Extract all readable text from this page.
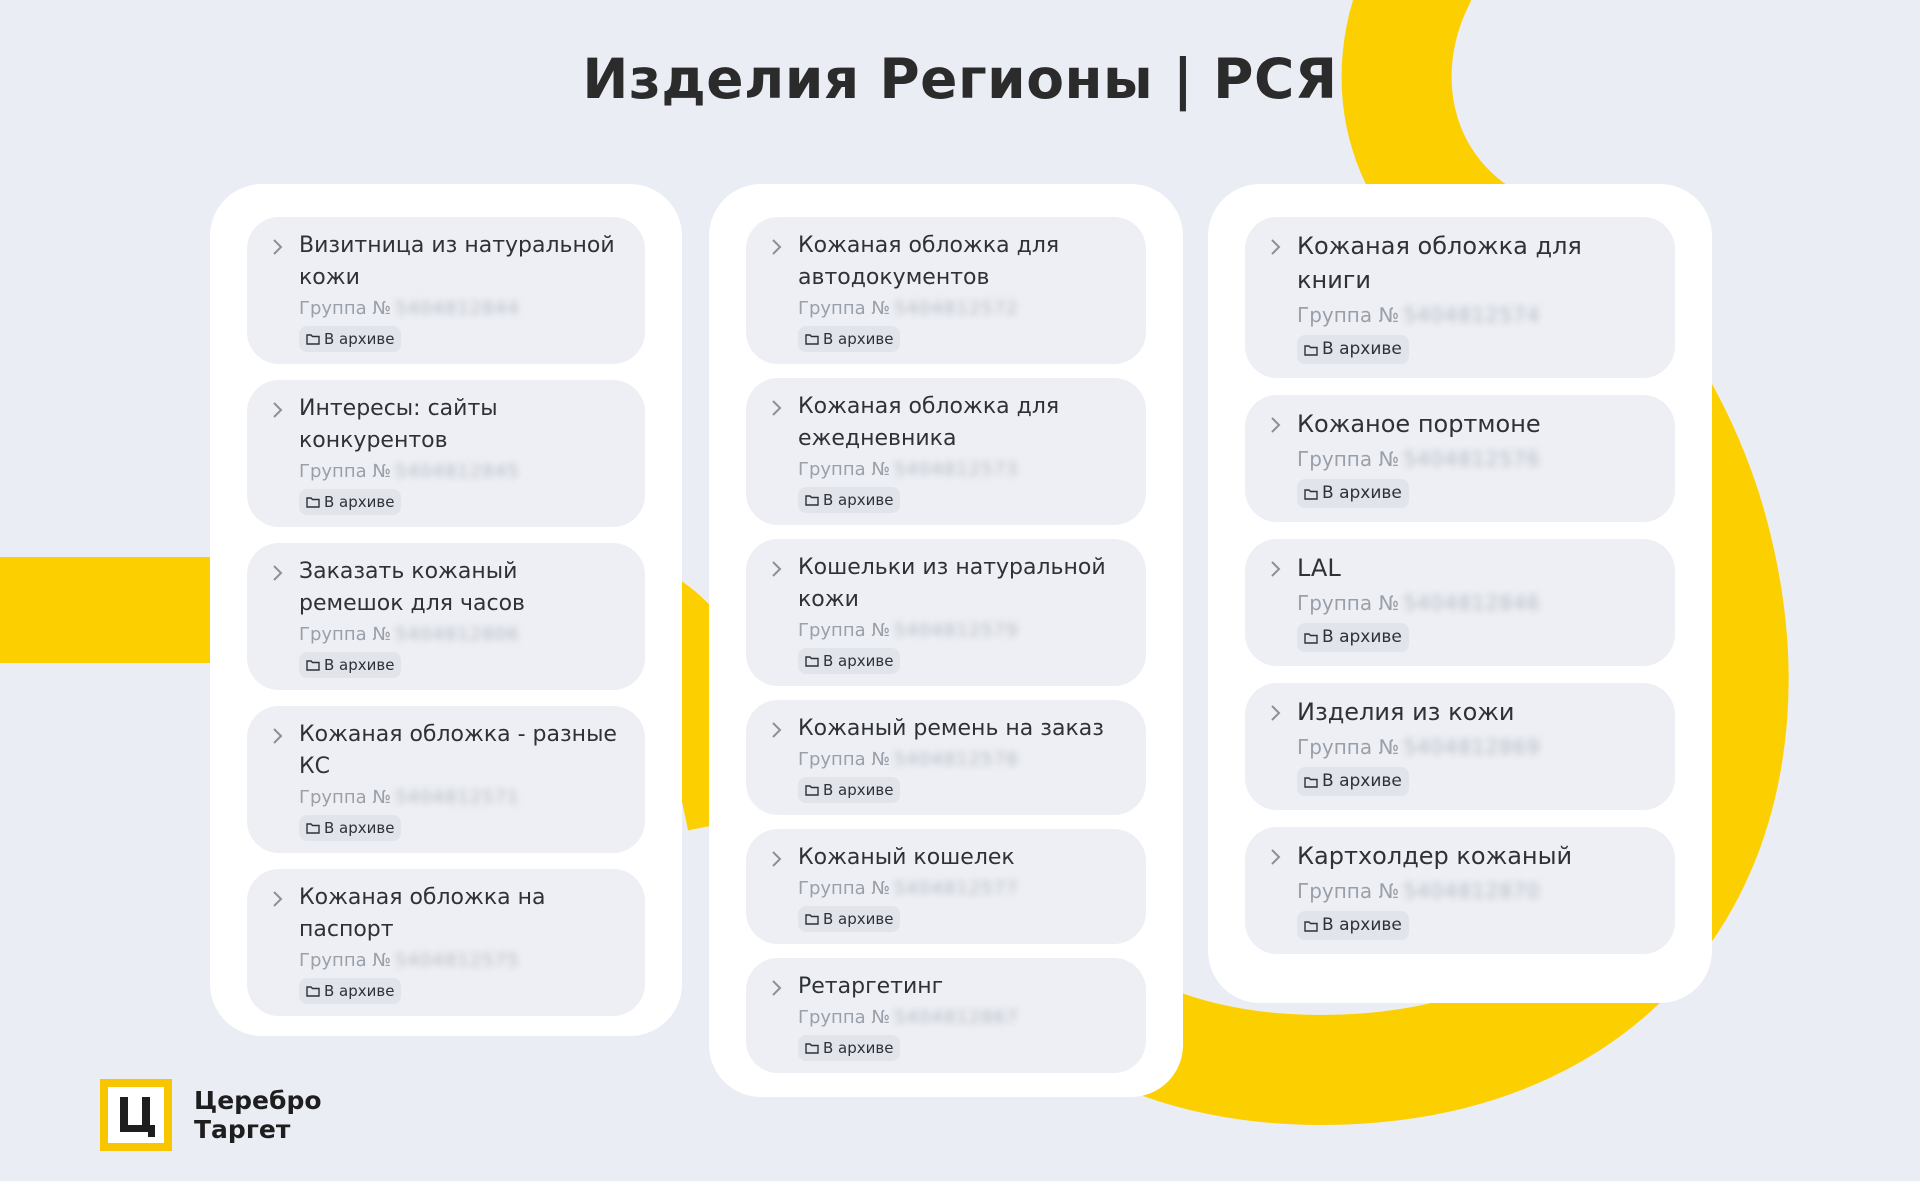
Изделия Регионы | РСЯ
Визитница из натуральной кожи
Группа № 5404812844
В архиве
Интересы: сайты конкурентов
Группа № 5404812845
В архиве
Заказать кожаный ремешок для часов
Группа № 5404812806
В архиве
Кожаная обложка - разные КС
Группа № 5404812571
В архиве
Кожаная обложка на паспорт
Группа № 5404812575
В архиве
Кожаная обложка для автодокументов
Группа № 5404812572
В архиве
Кожаная обложка для ежедневника
Группа № 5404812573
В архиве
Кошельки из натуральной кожи
Группа № 5404812579
В архиве
Кожаный ремень на заказ
Группа № 5404812578
В архиве
Кожаный кошелек
Группа № 5404812577
В архиве
Ретаргетинг
Группа № 5404812867
В архиве
Кожаная обложка для книги
Группа № 5404812574
В архиве
Кожаное портмоне
Группа № 5404812576
В архиве
LAL
Группа № 5404812846
В архиве
Изделия из кожи
Группа № 5404812869
В архиве
Картхолдер кожаный
Группа № 5404812870
В архиве
Церебро
Таргет
